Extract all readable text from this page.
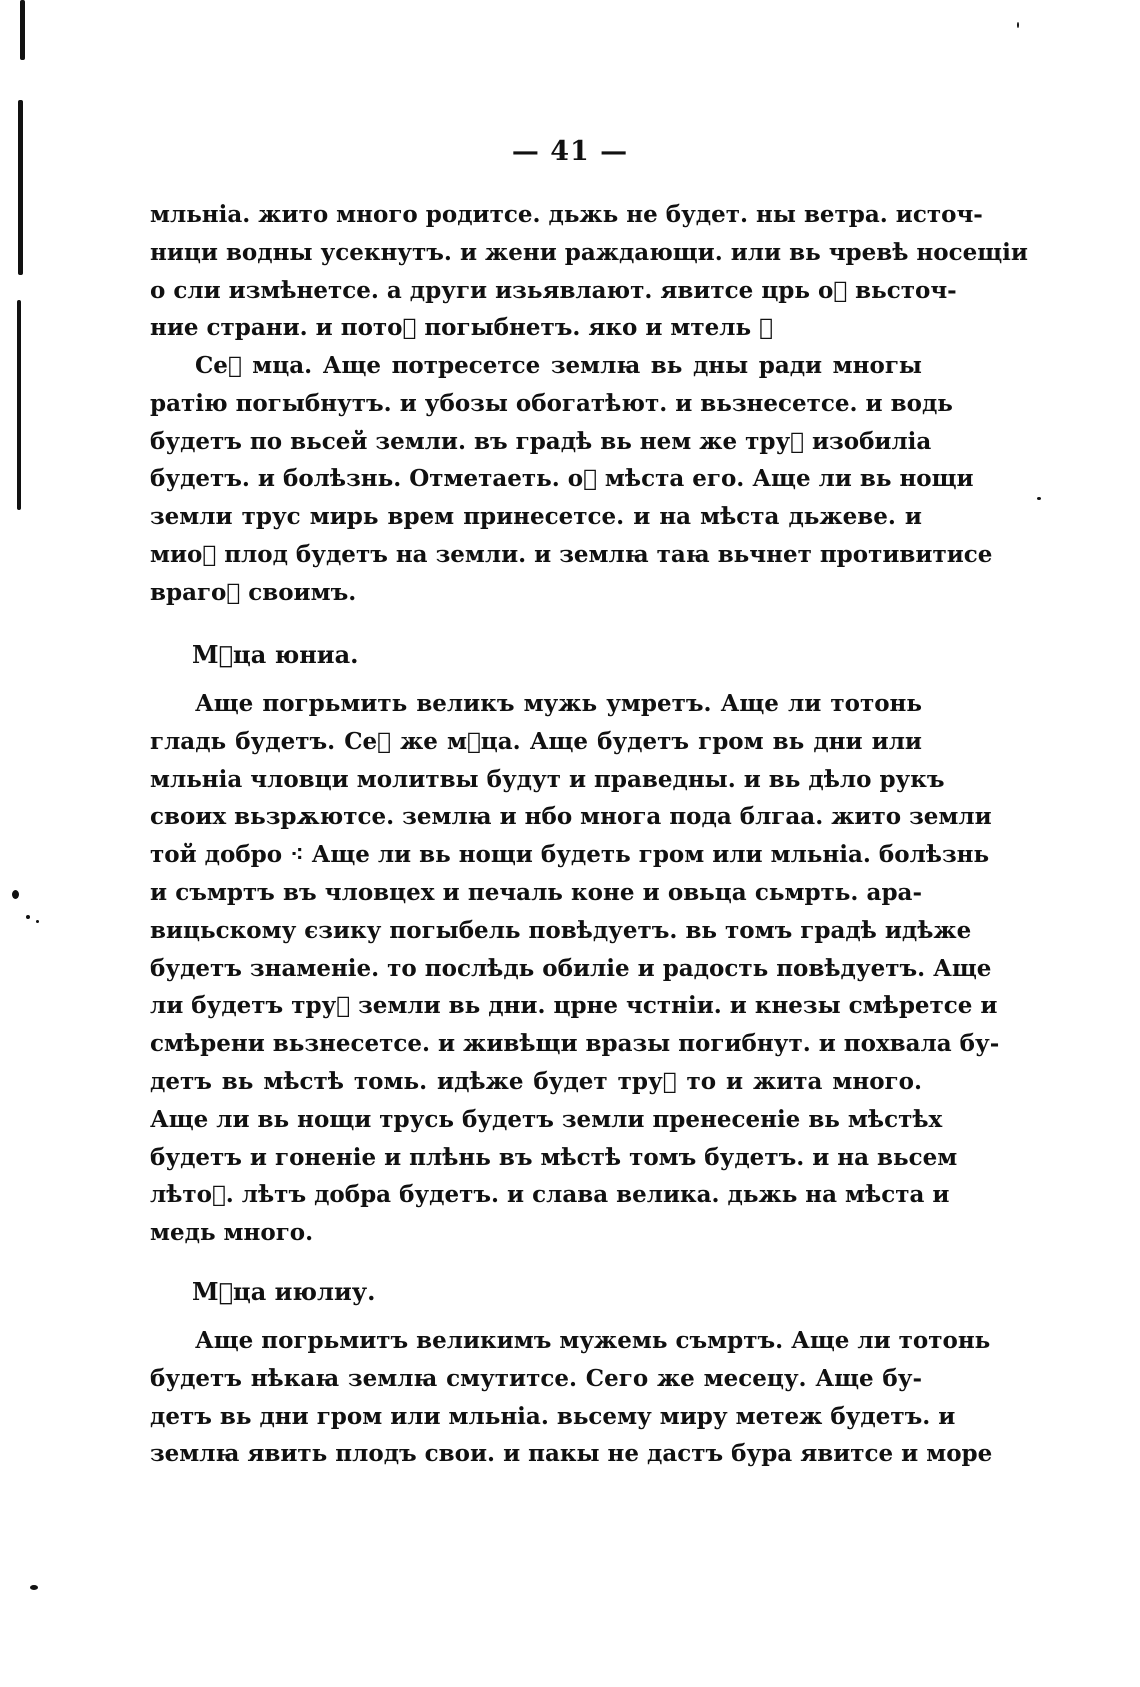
— 41 —
мльніа. жито много родитсе. дьжь не будет. ны ветра. источ-
ници водны усекнутъ. и жени раждающи. или вь чревѣ носещіи
о сли измѣнетсе. а други изьявлают. явитсе црь оⷮ вьсточ-
ние страни. и потоⷨ погыбнетъ. яко и мтель ⁖
Сеⷢ мца. Аще потресетсе землꙗ вь дны ради многы
ратію погыбнутъ. и убозы обогатѣют. и вьзнесетсе. и водь
будетъ по вьсей земли. въ градѣ вь нем же труⷭ изобиліа
будетъ. и болѣзнь. Отметаеть. оⷮ мѣста его. Аще ли вь нощи
земли трус мирь врем принесетсе. и на мѣста дьжеве. и
миоⷢ плод будетъ на земли. и землꙗ таꙗ вьчнет противитисе
врагоⷨ своимъ.
Мⷭца юниа.
Аще погрьмить великъ мужь умретъ. Аще ли тотонь
гладь будетъ. Сеⷢ же мⷭца. Аще будетъ гром вь дни или
мльніа чловци молитвы будут и праведны. и вь дѣло рукъ
своих вьзрѫютсе. землꙗ и нбо многа пода блгаа. жито земли
той добро ⁖ Аще ли вь нощи будеть гром или мльніа. болѣзнь
и съмртъ въ чловцех и печаль коне и овьца сьмрть. ара-
вицьскому єзику погыбель повѣдуетъ. вь томъ градѣ идѣже
будетъ знаменіе. то послѣдь обиліе и радость повѣдуетъ. Аще
ли будетъ труⷭ земли вь дни. црне чстніи. и кнезы смѣретсе и
смѣрени вьзнесетсе. и живѣщи вразы погибнут. и похвала бу-
детъ вь мѣстѣ томь. идѣже будет труⷭ то и жита много.
Аще ли вь нощи трусь будетъ земли пренесеніе вь мѣстѣх
будетъ и гоненіе и плѣнь въ мѣстѣ томъ будетъ. и на вьсем
лѣтоⷨ. лѣтъ добра будетъ. и слава велика. дьжь на мѣста и
медь много.
Мⷭца июлиу.
Аще погрьмитъ великимъ мужемь съмртъ. Аще ли тотонь
будетъ нѣкаꙗ землꙗ смутитсе. Сего же месецу. Аще бу-
детъ вь дни гром или мльніа. вьсему миру метеж будетъ. и
землꙗ явить плодъ свои. и пакы не дастъ бура явитсе и море
